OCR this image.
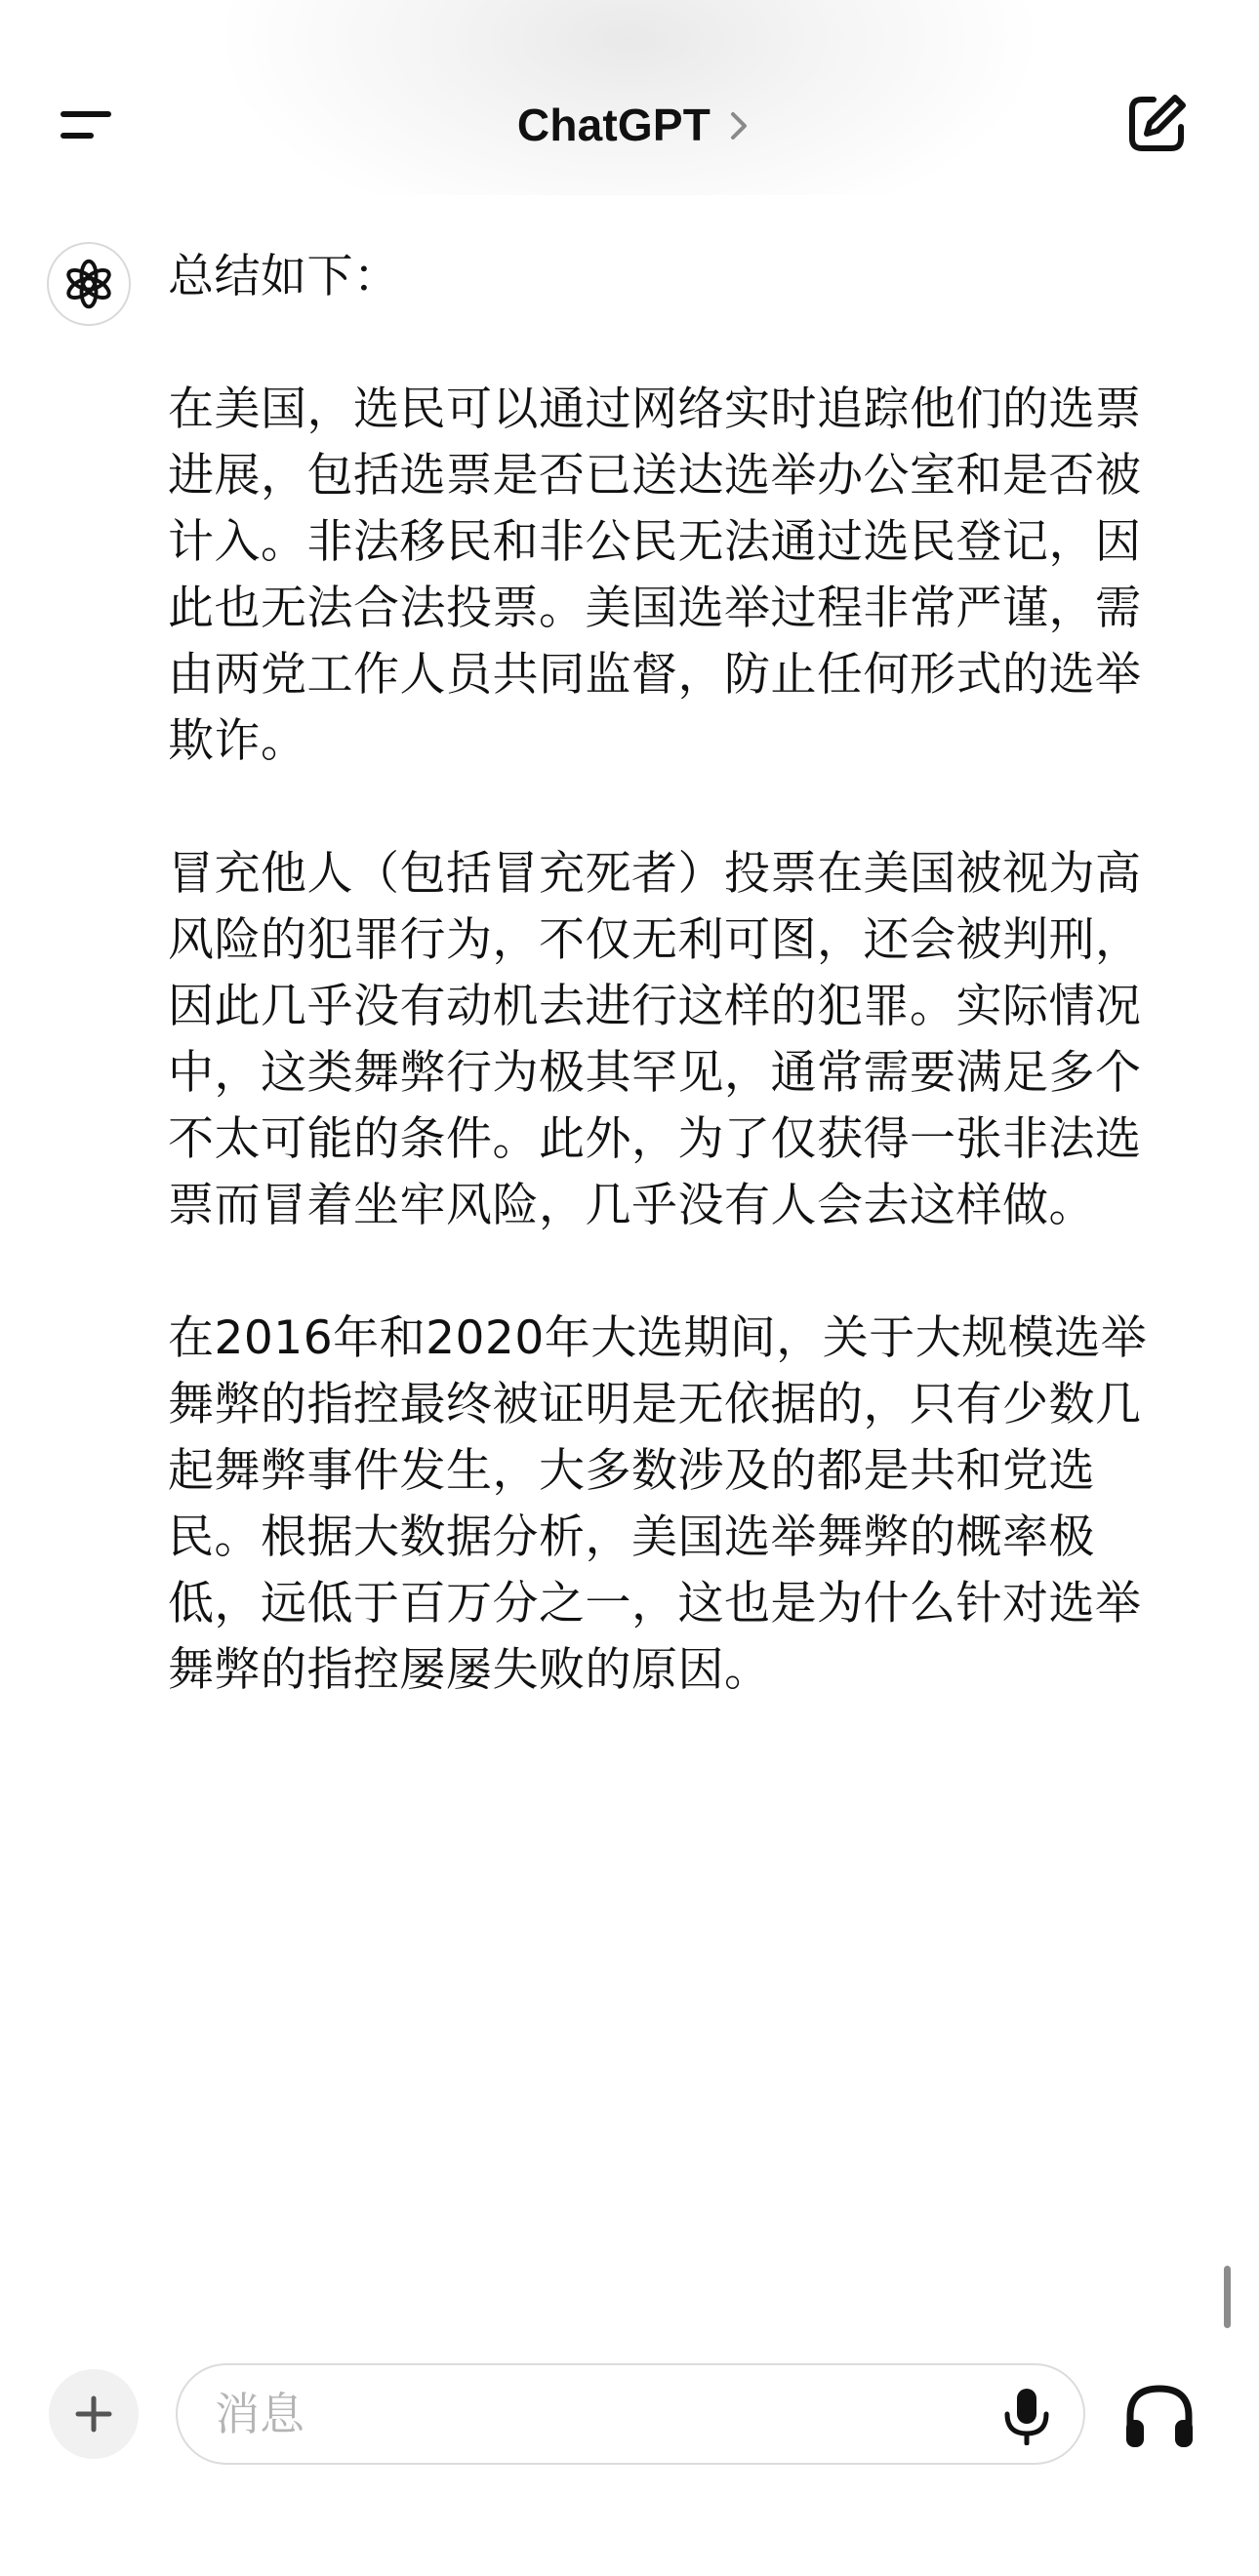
ChatGPT

总结如下：

在美国，选民可以通过网络实时追踪他们的选票进展，包括选票是否已送达选举办公室和是否被计入。非法移民和非公民无法通过选民登记，因此也无法合法投票。美国选举过程非常严谨，需由两党工作人员共同监督，防止任何形式的选举欺诈。

冒充他人（包括冒充死者）投票在美国被视为高风险的犯罪行为，不仅无利可图，还会被判刑，因此几乎没有动机去进行这样的犯罪。实际情况中，这类舞弊行为极其罕见，通常需要满足多个不太可能的条件。此外，为了仅获得一张非法选票而冒着坐牢风险，几乎没有人会去这样做。

在2016年和2020年大选期间，关于大规模选举舞弊的指控最终被证明是无依据的，只有少数几起舞弊事件发生，大多数涉及的都是共和党选民。根据大数据分析，美国选举舞弊的概率极低，远低于百万分之一，这也是为什么针对选举舞弊的指控屡屡失败的原因。

消息
